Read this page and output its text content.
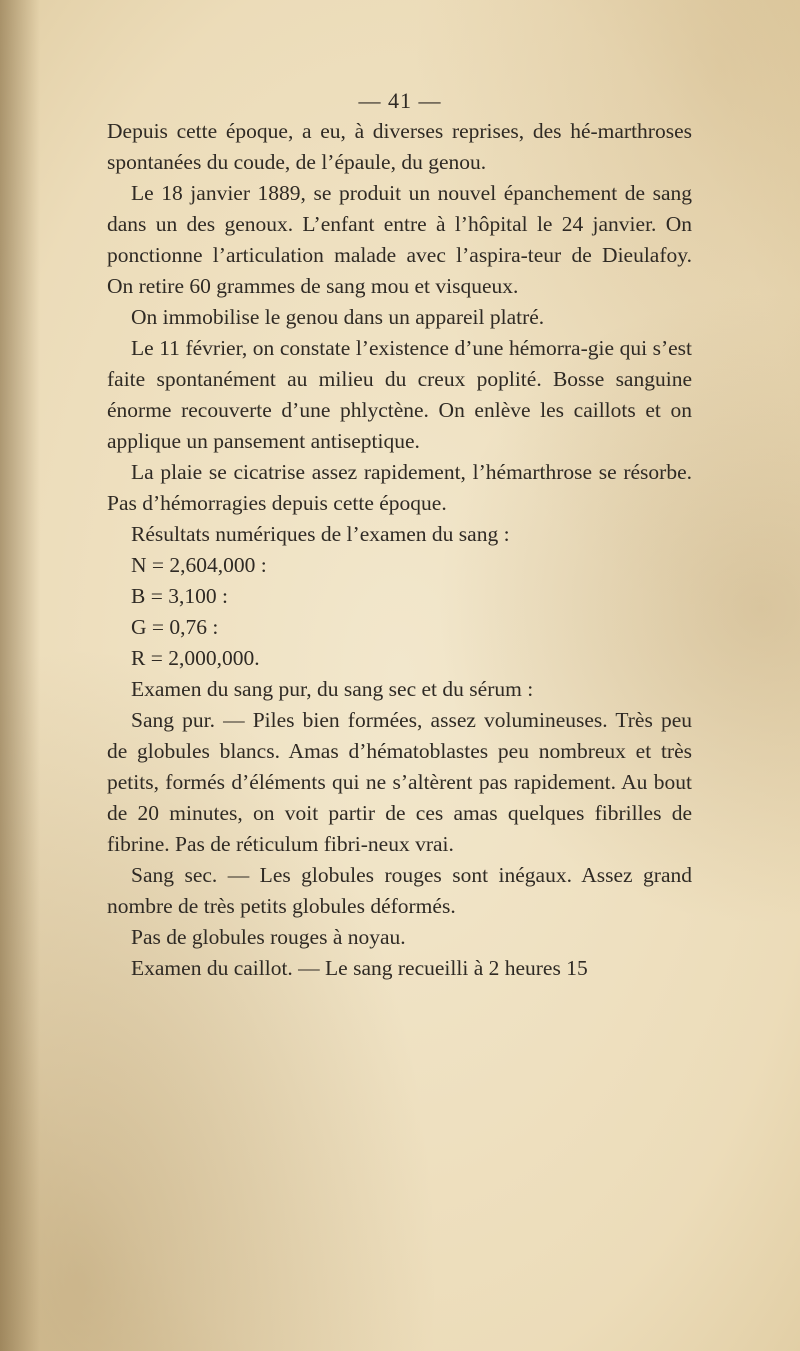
— 41 —

Depuis cette époque, a eu, à diverses reprises, des hé-marthroses spontanées du coude, de l’épaule, du genou.

Le 18 janvier 1889, se produit un nouvel épanchement de sang dans un des genoux. L’enfant entre à l’hôpital le 24 janvier. On ponctionne l’articulation malade avec l’aspira-teur de Dieulafoy. On retire 60 grammes de sang mou et visqueux.

On immobilise le genou dans un appareil platré.

Le 11 février, on constate l’existence d’une hémorra-gie qui s’est faite spontanément au milieu du creux poplité. Bosse sanguine énorme recouverte d’une phlyctène. On enlève les caillots et on applique un pansement antiseptique.

La plaie se cicatrise assez rapidement, l’hémarthrose se résorbe. Pas d’hémorragies depuis cette époque.

Résultats numériques de l’examen du sang :

N = 2,604,000 :

B = 3,100 :

G = 0,76 :

R = 2,000,000.

Examen du sang pur, du sang sec et du sérum :

Sang pur. — Piles bien formées, assez volumineuses. Très peu de globules blancs. Amas d’hématoblastes peu nombreux et très petits, formés d’éléments qui ne s’altèrent pas rapidement. Au bout de 20 minutes, on voit partir de ces amas quelques fibrilles de fibrine. Pas de réticulum fibri-neux vrai.

Sang sec. — Les globules rouges sont inégaux. Assez grand nombre de très petits globules déformés.

Pas de globules rouges à noyau.

Examen du caillot. — Le sang recueilli à 2 heures 15
